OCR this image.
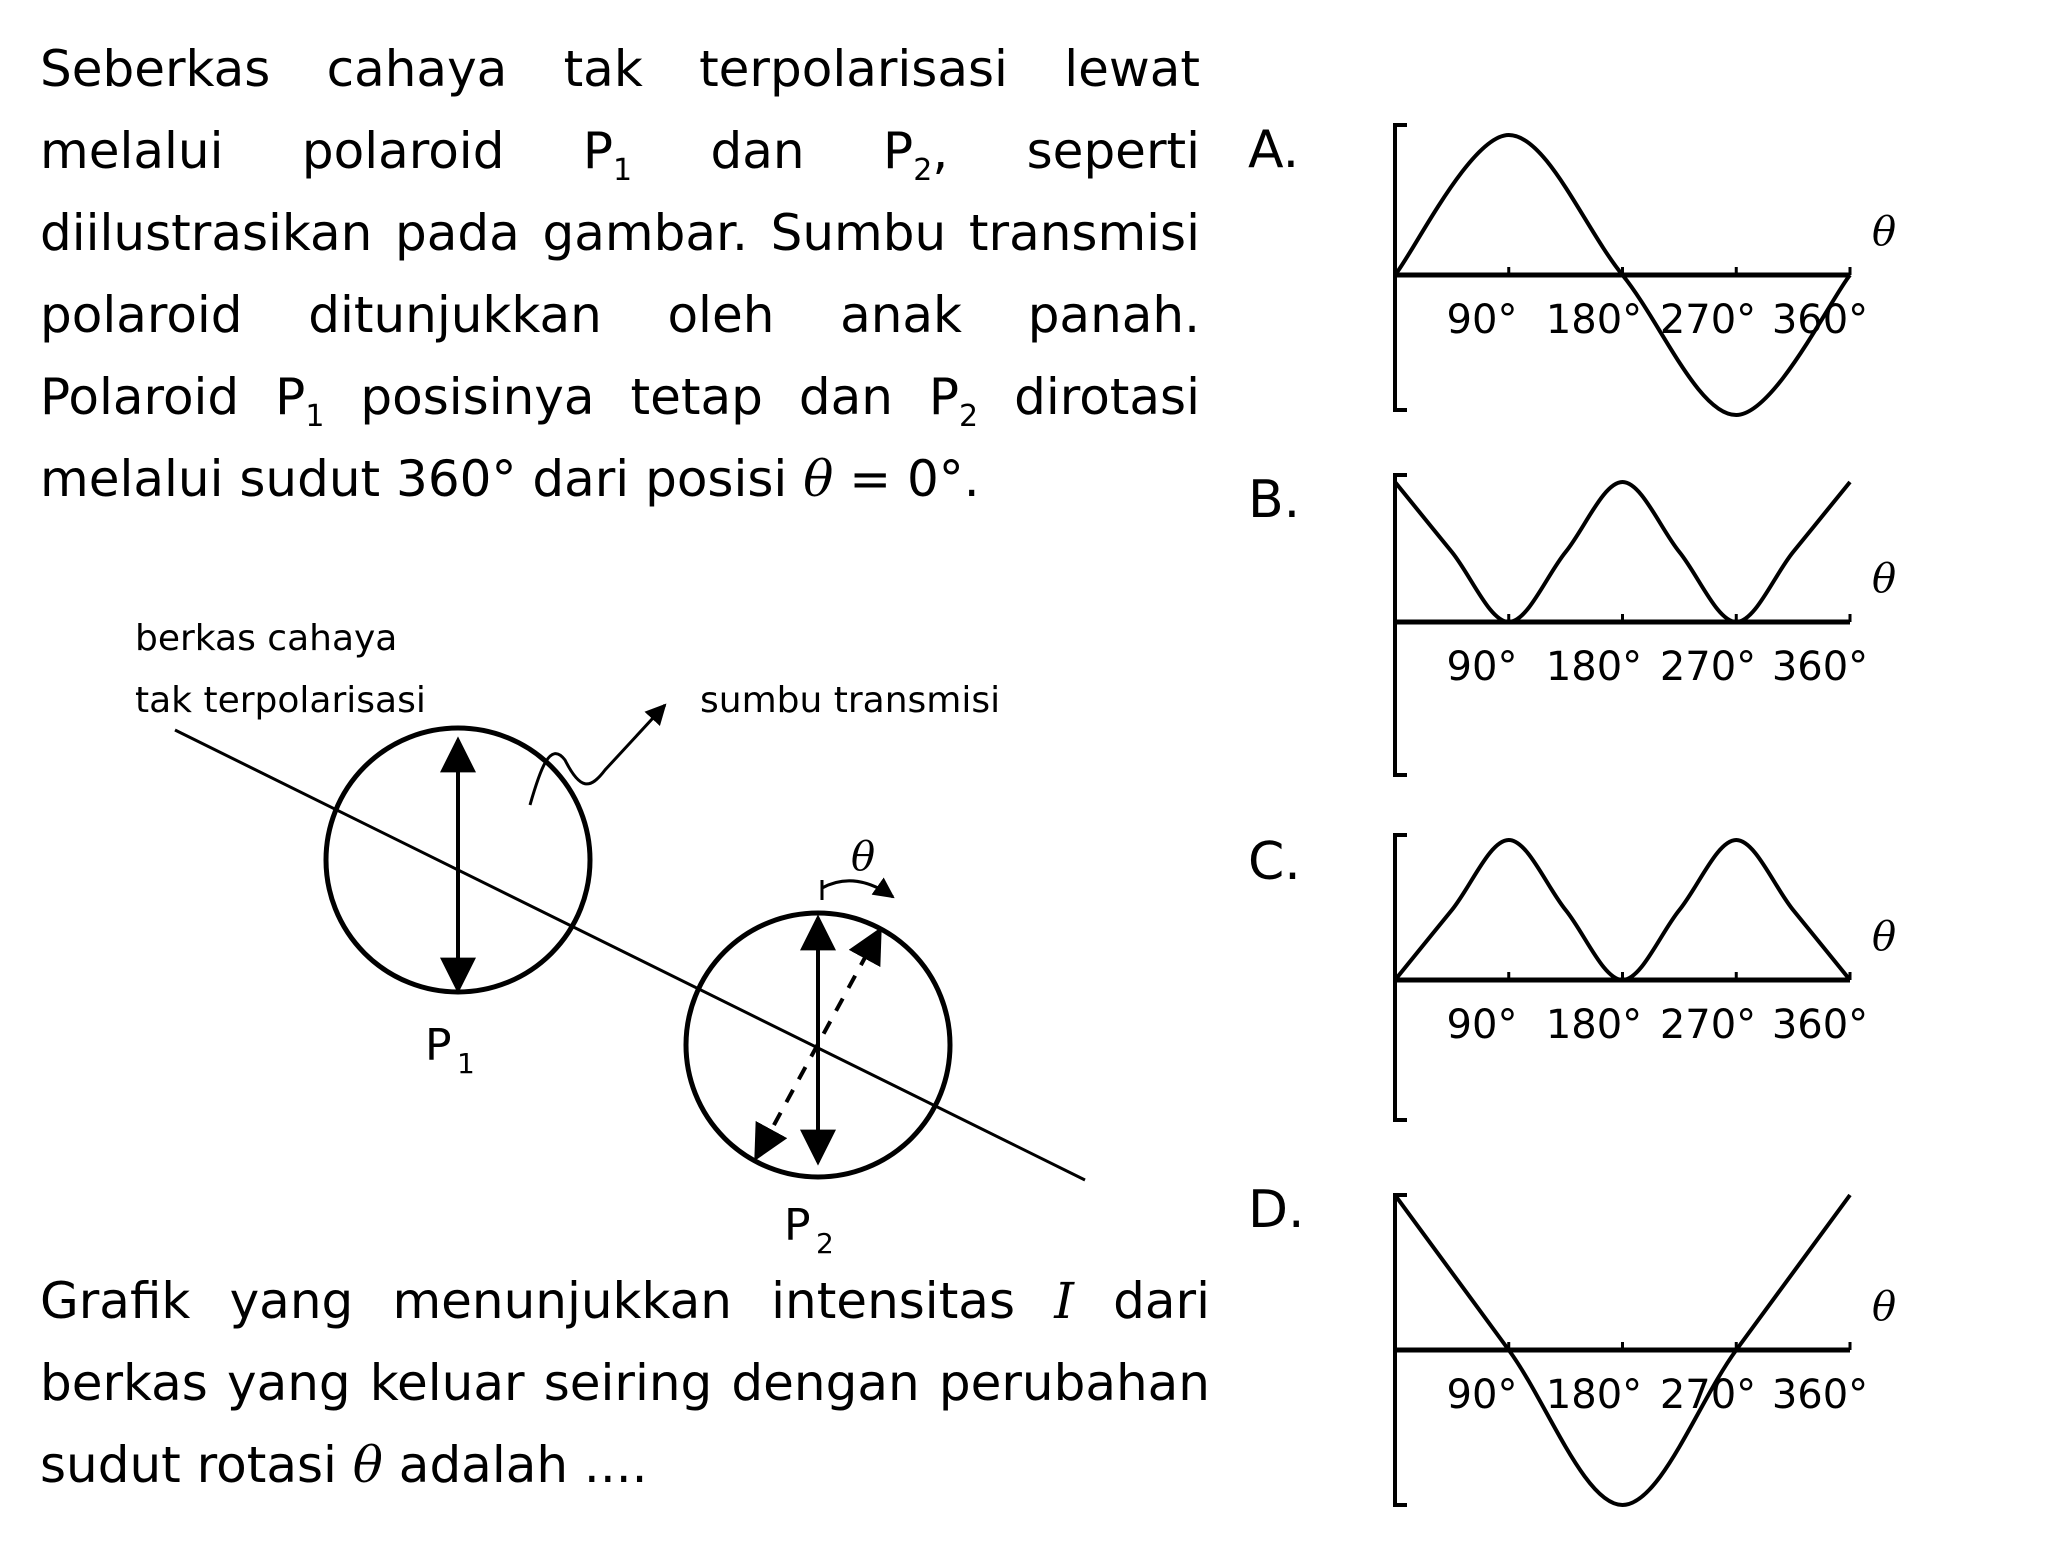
Seberkas cahaya tak terpolarisasi lewat melalui polaroid $P_1$ dan $P_2$, seperti diilustrasikan pada gambar. Sumbu transmisi polaroid ditunjukkan oleh anak panah. Polaroid $P_1$ posisinya tetap dan $P_2$ dirotasi melalui sudut 360° dari posisi θ = 0°.
berkas cahaya
tak terpolarisasi	sumbu transmisi
P 1
θ
P 2
Grafik yang menunjukkan intensitas I dari berkas yang keluar seiring dengan perubahan sudut rotasi θ adalah ....
A.
B.
C.
D.
90° 180° 270° 360°
θ
90° 180° 270° 360°
θ
90° 180° 270° 360°
θ
90° 180° 270° 360°
θ
